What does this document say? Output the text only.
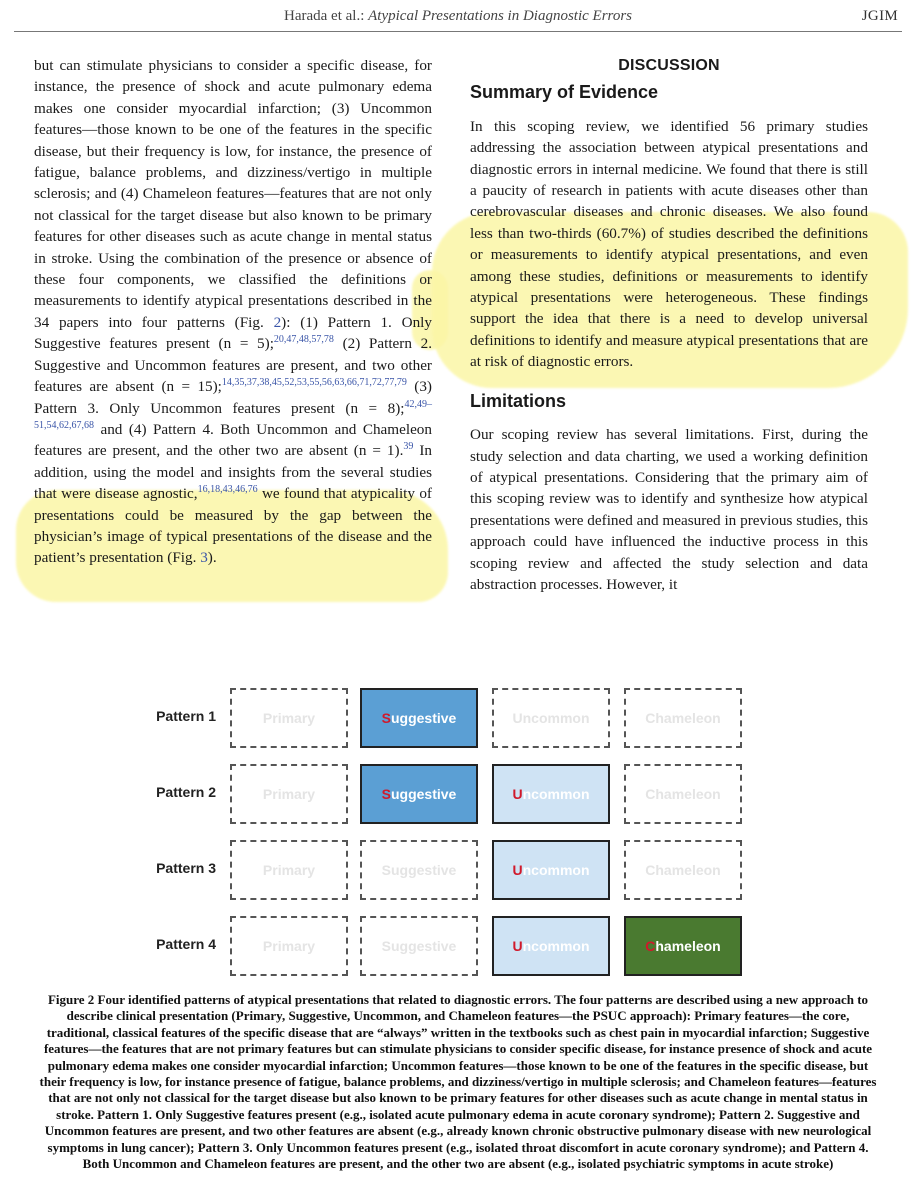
Harada et al.: Atypical Presentations in Diagnostic Errors	JGIM

but can stimulate physicians to consider a specific disease, for instance, the presence of shock and acute pulmonary edema makes one consider myocardial infarction; (3) Uncommon features—those known to be one of the features in the specific disease, but their frequency is low, for instance, the presence of fatigue, balance problems, and dizziness/vertigo in multiple sclerosis; and (4) Chameleon features—features that are not only not classical for the target disease but also known to be primary features for other diseases such as acute change in mental status in stroke. Using the combination of the presence or absence of these four components, we classified the definitions or measurements to identify atypical presentations described in the 34 papers into four patterns (Fig. 2): (1) Pattern 1. Only Suggestive features present (n = 5);$^{20,47,48,57,78}$ (2) Pattern 2. Suggestive and Uncommon features are present, and two other features are absent (n = 15);$^{14,35,37,38,45,52,53,55,56,63,66,71,72,77,79}$ (3) Pattern 3. Only Uncommon features present (n = 8);$^{42,49-51,54,62,67,68}$ and (4) Pattern 4. Both Uncommon and Chameleon features are present, and the other two are absent (n = 1).$^{39}$ In addition, using the model and insights from the several studies that were disease agnostic,$^{16,18,43,46,76}$ we found that atypicality of presentations could be measured by the gap between the physician’s image of typical presentations of the disease and the patient’s presentation (Fig. 3).

DISCUSSION
Summary of Evidence

In this scoping review, we identified 56 primary studies addressing the association between atypical presentations and diagnostic errors in internal medicine. We found that there is still a paucity of research in patients with acute diseases other than cerebrovascular diseases and chronic diseases. We also found less than two-thirds (60.7%) of studies described the definitions or measurements to identify atypical presentations, and even among these studies, definitions or measurements to identify atypical presentations were heterogeneous. These findings support the idea that there is a need to develop universal definitions to identify and measure atypical presentations that are at risk of diagnostic errors.

Limitations

Our scoping review has several limitations. First, during the study selection and data charting, we used a working definition of atypical presentations. Considering that the primary aim of this scoping review was to identify and synthesize how atypical presentations were defined and measured in previous studies, this approach could have influenced the inductive process in this scoping review and affected the study selection and data abstraction processes. However, it

Pattern 1	Primary	S uggestive	Uncommon	Chameleon
Pattern 2	Primary	S uggestive	U ncommon	Chameleon
Pattern 3	Primary	Suggestive	U ncommon	Chameleon
Pattern 4	Primary	Suggestive	U ncommon	C hameleon
Figure 2 Four identified patterns of atypical presentations that related to diagnostic errors. The four patterns are described using a new approach to describe clinical presentation (Primary, Suggestive, Uncommon, and Chameleon features—the PSUC approach): Primary features—the core, traditional, classical features of the specific disease that are “always” written in the textbooks such as chest pain in myocardial infarction; Suggestive features—the features that are not primary features but can stimulate physicians to consider specific disease, for instance presence of shock and acute pulmonary edema makes one consider myocardial infarction; Uncommon features—those known to be one of the features in the specific disease, but their frequency is low, for instance presence of fatigue, balance problems, and dizziness/vertigo in multiple sclerosis; and Chameleon features—features that are not only not classical for the target disease but also known to be primary features for other diseases such as acute change in mental status in stroke. Pattern 1. Only Suggestive features present (e.g., isolated acute pulmonary edema in acute coronary syndrome); Pattern 2. Suggestive and Uncommon features are present, and two other features are absent (e.g., already known chronic obstructive pulmonary disease with new neurological symptoms in lung cancer); Pattern 3. Only Uncommon features present (e.g., isolated throat discomfort in acute coronary syndrome); and Pattern 4. Both Uncommon and Chameleon features are present, and the other two are absent (e.g., isolated psychiatric symptoms in acute stroke)
